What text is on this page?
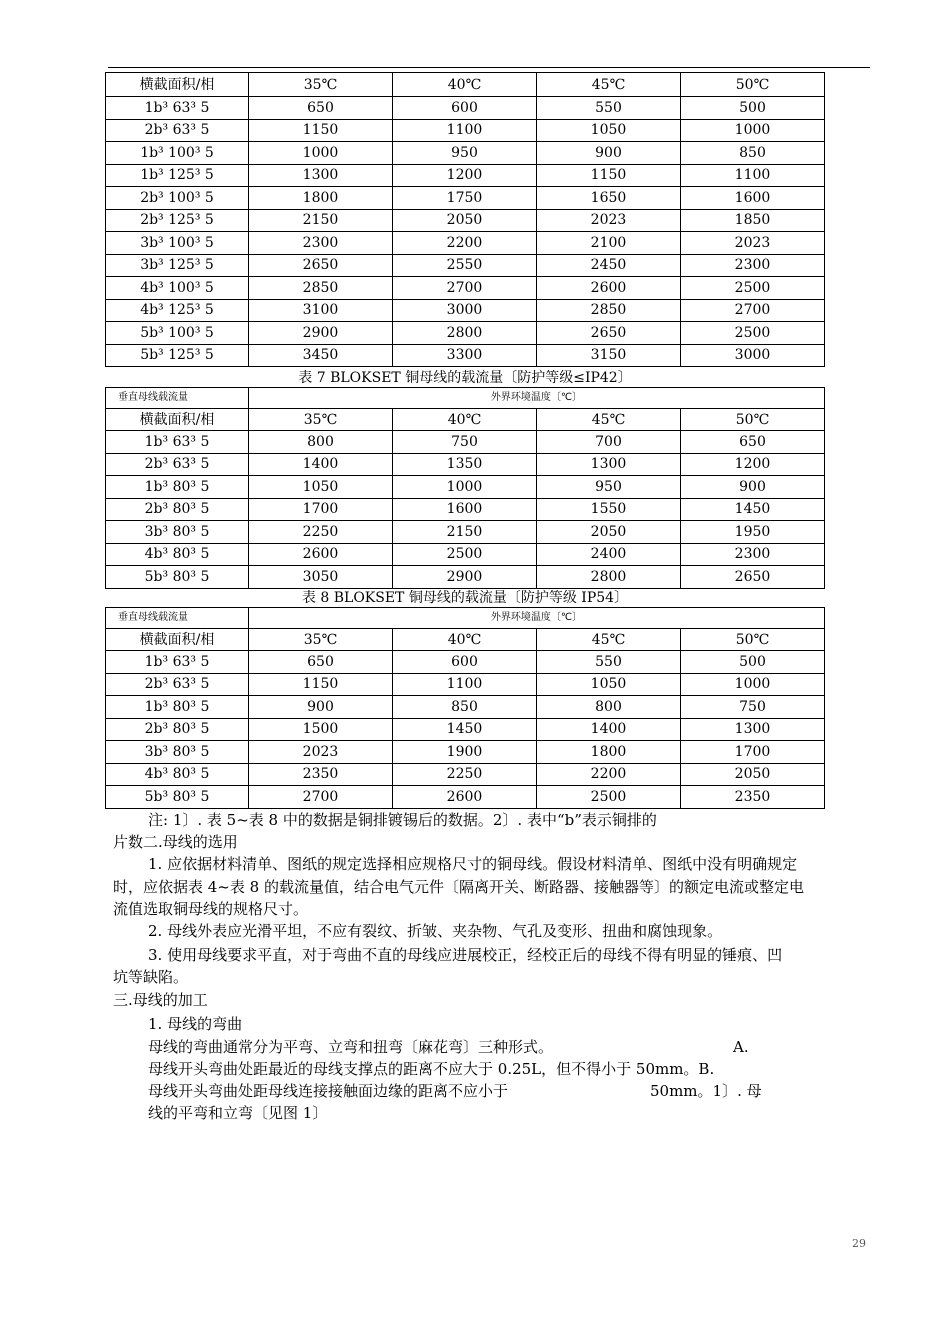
横截面积/相	35℃	40℃	45℃	50℃
1b³ 63³ 5	650	600	550	500
2b³ 63³ 5	1150	1100	1050	1000
1b³ 100³ 5	1000	950	900	850
1b³ 125³ 5	1300	1200	1150	1100
2b³ 100³ 5	1800	1750	1650	1600
2b³ 125³ 5	2150	2050	2023	1850
3b³ 100³ 5	2300	2200	2100	2023
3b³ 125³ 5	2650	2550	2450	2300
4b³ 100³ 5	2850	2700	2600	2500
4b³ 125³ 5	3100	3000	2850	2700
5b³ 100³ 5	2900	2800	2650	2500
5b³ 125³ 5	3450	3300	3150	3000
表 7 BLOKSET 铜母线的载流量〔防护等级≤IP42〕
垂直母线载流量	外界环境温度〔℃〕			
横截面积/相	35℃	40℃	45℃	50℃
1b³ 63³ 5	800	750	700	650
2b³ 63³ 5	1400	1350	1300	1200
1b³ 80³ 5	1050	1000	950	900
2b³ 80³ 5	1700	1600	1550	1450
3b³ 80³ 5	2250	2150	2050	1950
4b³ 80³ 5	2600	2500	2400	2300
5b³ 80³ 5	3050	2900	2800	2650
表 8 BLOKSET 铜母线的载流量〔防护等级 IP54〕
垂直母线载流量	外界环境温度〔℃〕			
横截面积/相	35℃	40℃	45℃	50℃
1b³ 63³ 5	650	600	550	500
2b³ 63³ 5	1150	1100	1050	1000
1b³ 80³ 5	900	850	800	750
2b³ 80³ 5	1500	1450	1400	1300
3b³ 80³ 5	2023	1900	1800	1700
4b³ 80³ 5	2350	2250	2200	2050
5b³ 80³ 5	2700	2600	2500	2350
注: 1〕. 表 5~表 8 中的数据是铜排镀锡后的数据。2〕. 表中“b”表示铜排的
片数二.母线的选用
1. 应依据材料清单、图纸的规定选择相应规格尺寸的铜母线。假设材料清单、图纸中没有明确规定
时，应依据表 4~表 8 的载流量值，结合电气元件〔隔离开关、断路器、接触器等〕的额定电流或整定电
流值选取铜母线的规格尺寸。
2. 母线外表应光滑平坦，不应有裂纹、折皱、夹杂物、气孔及变形、扭曲和腐蚀现象。
3. 使用母线要求平直，对于弯曲不直的母线应进展校正，经校正后的母线不得有明显的锤痕、凹
坑等缺陷。
三.母线的加工
1. 母线的弯曲
母线的弯曲通常分为平弯、立弯和扭弯〔麻花弯〕三种形式。	A.
母线开头弯曲处距最近的母线支撑点的距离不应大于 0.25L，但不得小于 50mm。B.
母线开头弯曲处距母线连接接触面边缘的距离不应小于	50mm。1〕. 母
线的平弯和立弯〔见图 1〕
29
